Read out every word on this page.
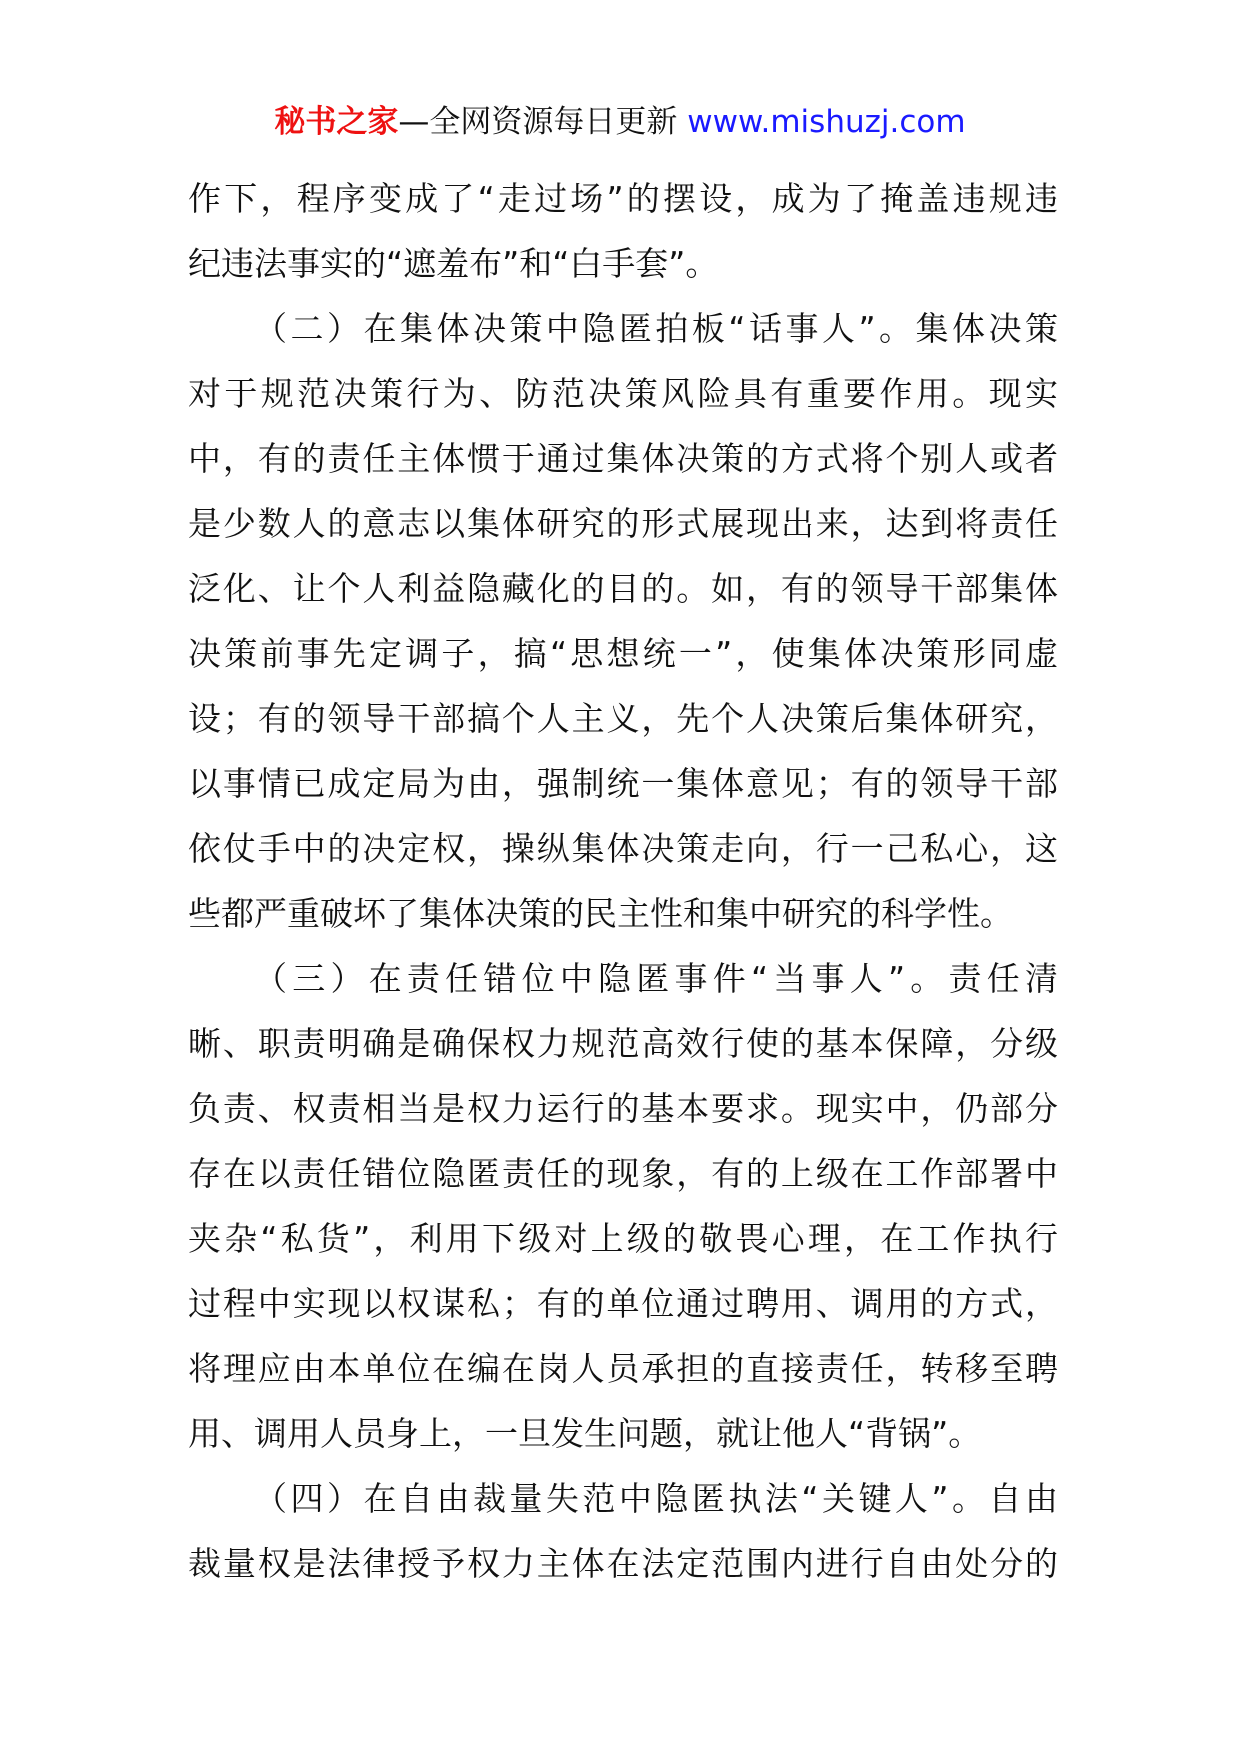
秘书之家—全网资源每日更新 www.mishuzj.com
作下，程序变成了“走过场”的摆设，成为了掩盖违规违
纪违法事实的“遮羞布”和“白手套”。
（二）在集体决策中隐匿拍板“话事人”。集体决策
对于规范决策行为、防范决策风险具有重要作用。现实
中，有的责任主体惯于通过集体决策的方式将个别人或者
是少数人的意志以集体研究的形式展现出来，达到将责任
泛化、让个人利益隐藏化的目的。如，有的领导干部集体
决策前事先定调子，搞“思想统一”，使集体决策形同虚
设；有的领导干部搞个人主义，先个人决策后集体研究，
以事情已成定局为由，强制统一集体意见；有的领导干部
依仗手中的决定权，操纵集体决策走向，行一己私心，这
些都严重破坏了集体决策的民主性和集中研究的科学性。
（三）在责任错位中隐匿事件“当事人”。责任清
晰、职责明确是确保权力规范高效行使的基本保障，分级
负责、权责相当是权力运行的基本要求。现实中，仍部分
存在以责任错位隐匿责任的现象，有的上级在工作部署中
夹杂“私货”，利用下级对上级的敬畏心理，在工作执行
过程中实现以权谋私；有的单位通过聘用、调用的方式，
将理应由本单位在编在岗人员承担的直接责任，转移至聘
用、调用人员身上，一旦发生问题，就让他人“背锅”。
（四）在自由裁量失范中隐匿执法“关键人”。自由
裁量权是法律授予权力主体在法定范围内进行自由处分的
